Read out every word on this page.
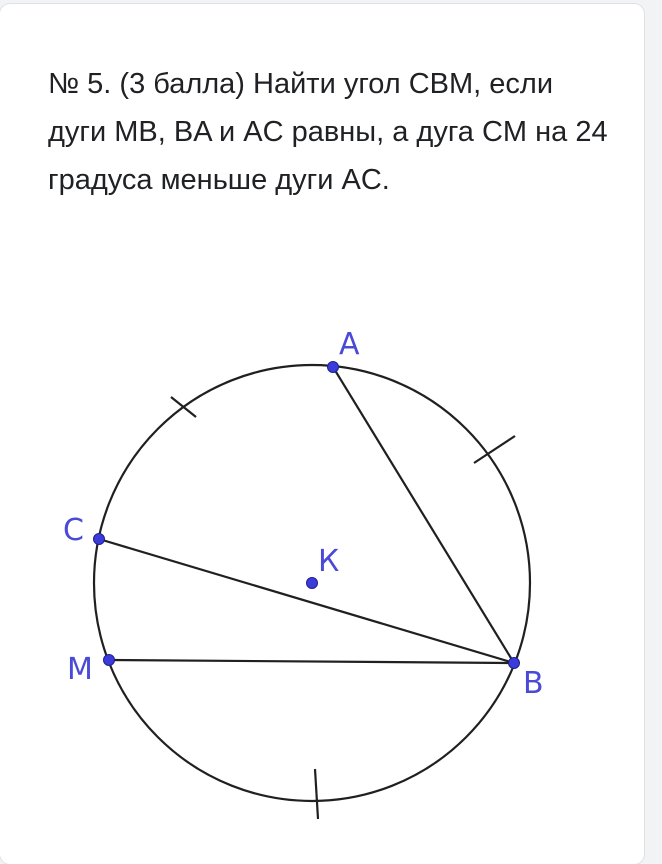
№ 5. (3 балла) Найти угол CBM, если дуги MB, BA и AC равны, а дуга CM на 24 градуса меньше дуги AC.

A
B
C
M
К
